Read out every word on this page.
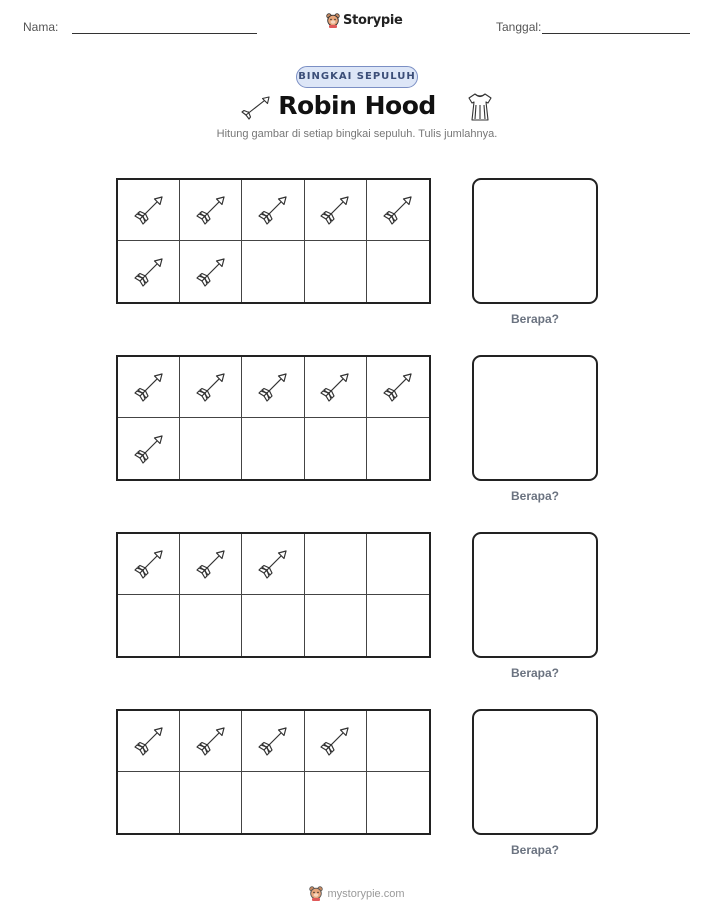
Nama:	Storypie	Tanggal:
BINGKAI SEPULUH
Robin Hood
Hitung gambar di setiap bingkai sepuluh. Tulis jumlahnya.
Berapa?
Berapa?
Berapa?
Berapa?
mystorypie.com
